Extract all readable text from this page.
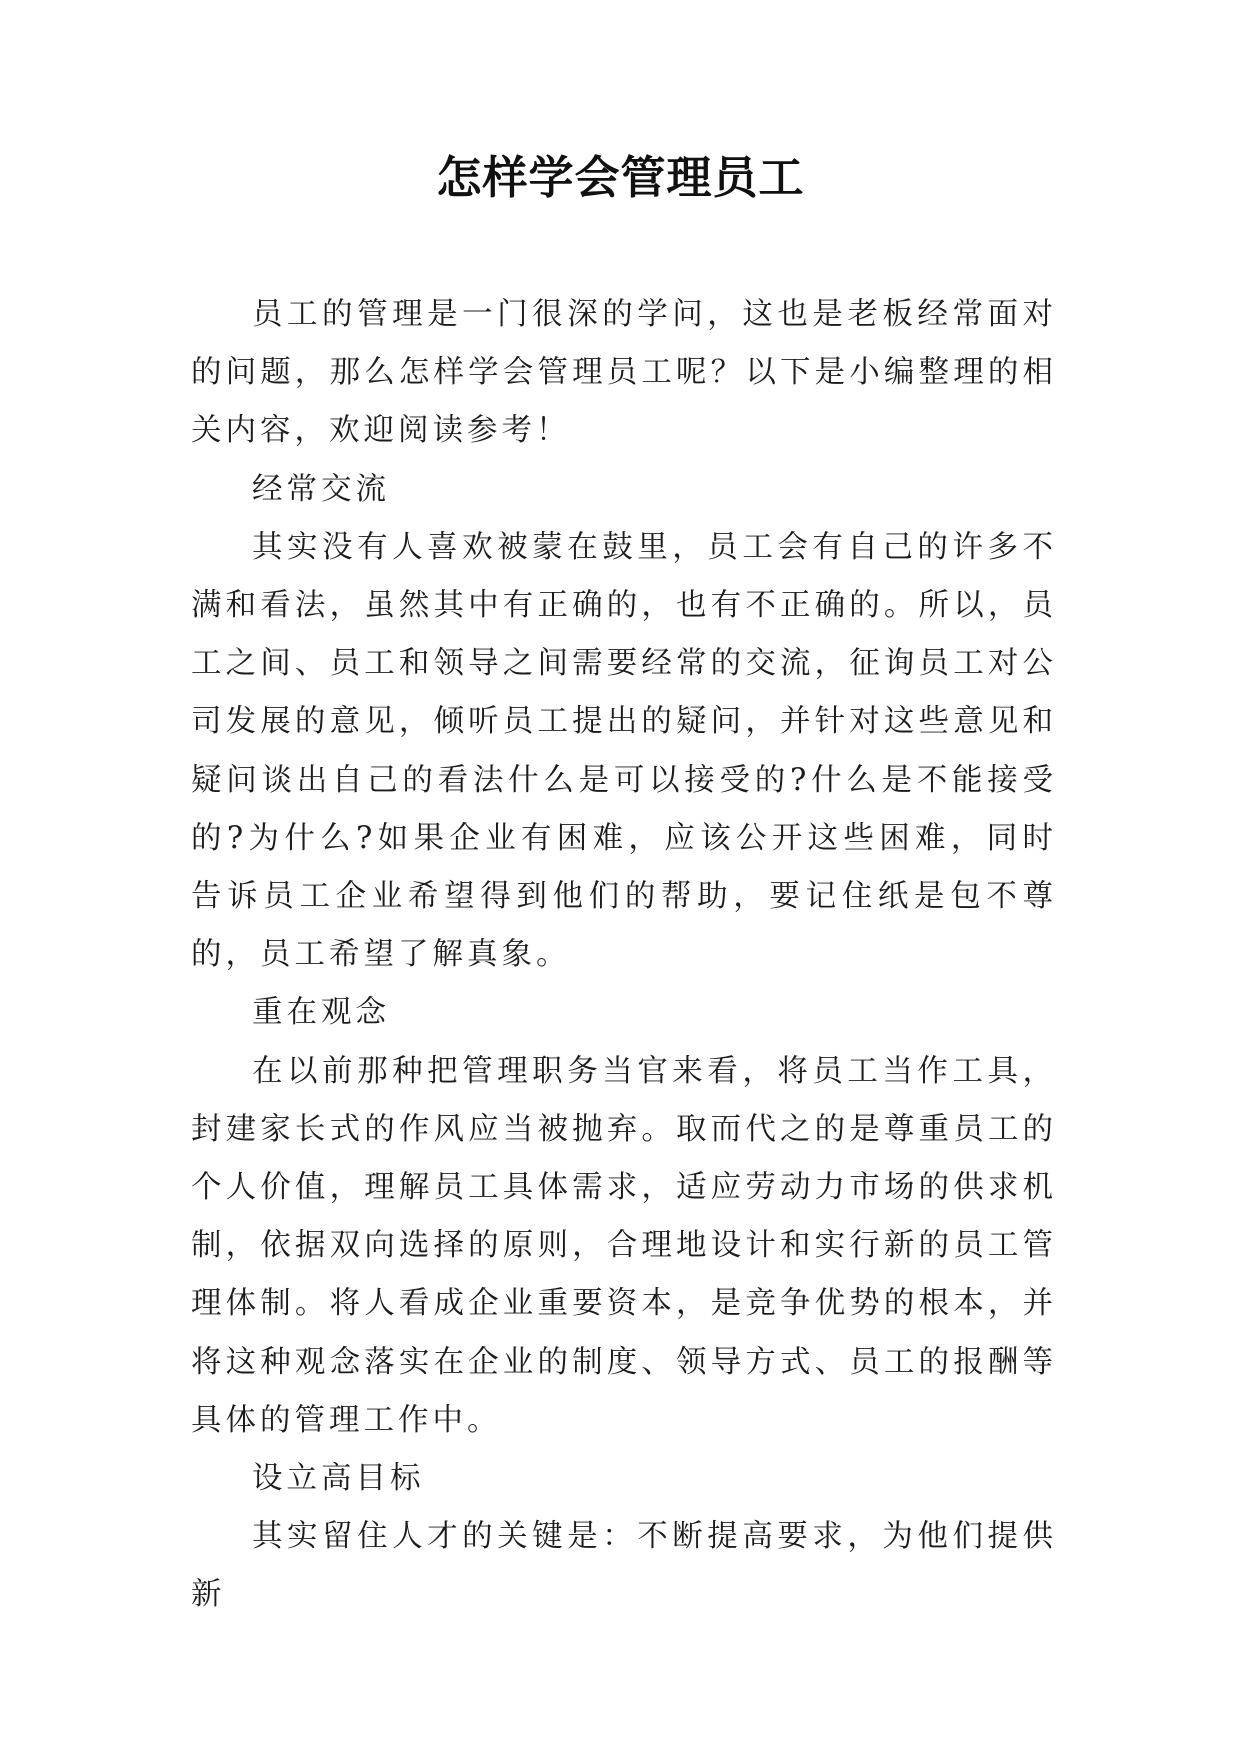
怎样学会管理员工

员工的管理是一门很深的学问，这也是老板经常面对的问题，那么怎样学会管理员工呢？以下是小编整理的相关内容，欢迎阅读参考！

经常交流

其实没有人喜欢被蒙在鼓里，员工会有自己的许多不满和看法，虽然其中有正确的，也有不正确的。所以，员工之间、员工和领导之间需要经常的交流，征询员工对公司发展的意见，倾听员工提出的疑问，并针对这些意见和疑问谈出自己的看法什么是可以接受的?什么是不能接受的?为什么?如果企业有困难，应该公开这些困难，同时告诉员工企业希望得到他们的帮助，要记住纸是包不尊的，员工希望了解真象。

重在观念

在以前那种把管理职务当官来看，将员工当作工具，封建家长式的作风应当被抛弃。取而代之的是尊重员工的个人价值，理解员工具体需求，适应劳动力市场的供求机制，依据双向选择的原则，合理地设计和实行新的员工管理体制。将人看成企业重要资本，是竞争优势的根本，并将这种观念落实在企业的制度、领导方式、员工的报酬等具体的管理工作中。

设立高目标

其实留住人才的关键是：不断提高要求，为他们提供新
